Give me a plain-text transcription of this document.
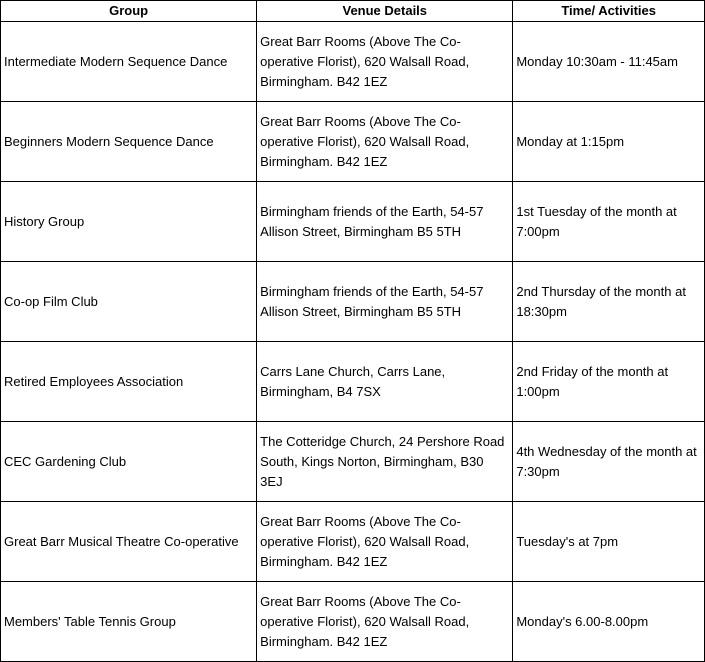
Group	Venue Details	Time/ Activities
Intermediate Modern Sequence Dance	Great Barr Rooms (Above The Co-operative Florist), 620 Walsall Road, Birmingham. B42 1EZ	Monday 10:30am - 11:45am
Beginners Modern Sequence Dance	Great Barr Rooms (Above The Co-operative Florist), 620 Walsall Road, Birmingham. B42 1EZ	Monday at 1:15pm
History Group	Birmingham friends of the Earth, 54-57 Allison Street, Birmingham B5 5TH	1st Tuesday of the month at 7:00pm
Co-op Film Club	Birmingham friends of the Earth, 54-57 Allison Street, Birmingham B5 5TH	2nd Thursday of the month at 18:30pm
Retired Employees Association	Carrs Lane Church, Carrs Lane, Birmingham, B4 7SX	2nd Friday of the month at 1:00pm
CEC Gardening Club	The Cotteridge Church, 24 Pershore Road South, Kings Norton, Birmingham, B30 3EJ	4th Wednesday of the month at 7:30pm
Great Barr Musical Theatre Co-operative	Great Barr Rooms (Above The Co-operative Florist), 620 Walsall Road, Birmingham. B42 1EZ	Tuesday's at 7pm
Members' Table Tennis Group	Great Barr Rooms (Above The Co-operative Florist), 620 Walsall Road, Birmingham. B42 1EZ	Monday's 6.00-8.00pm
